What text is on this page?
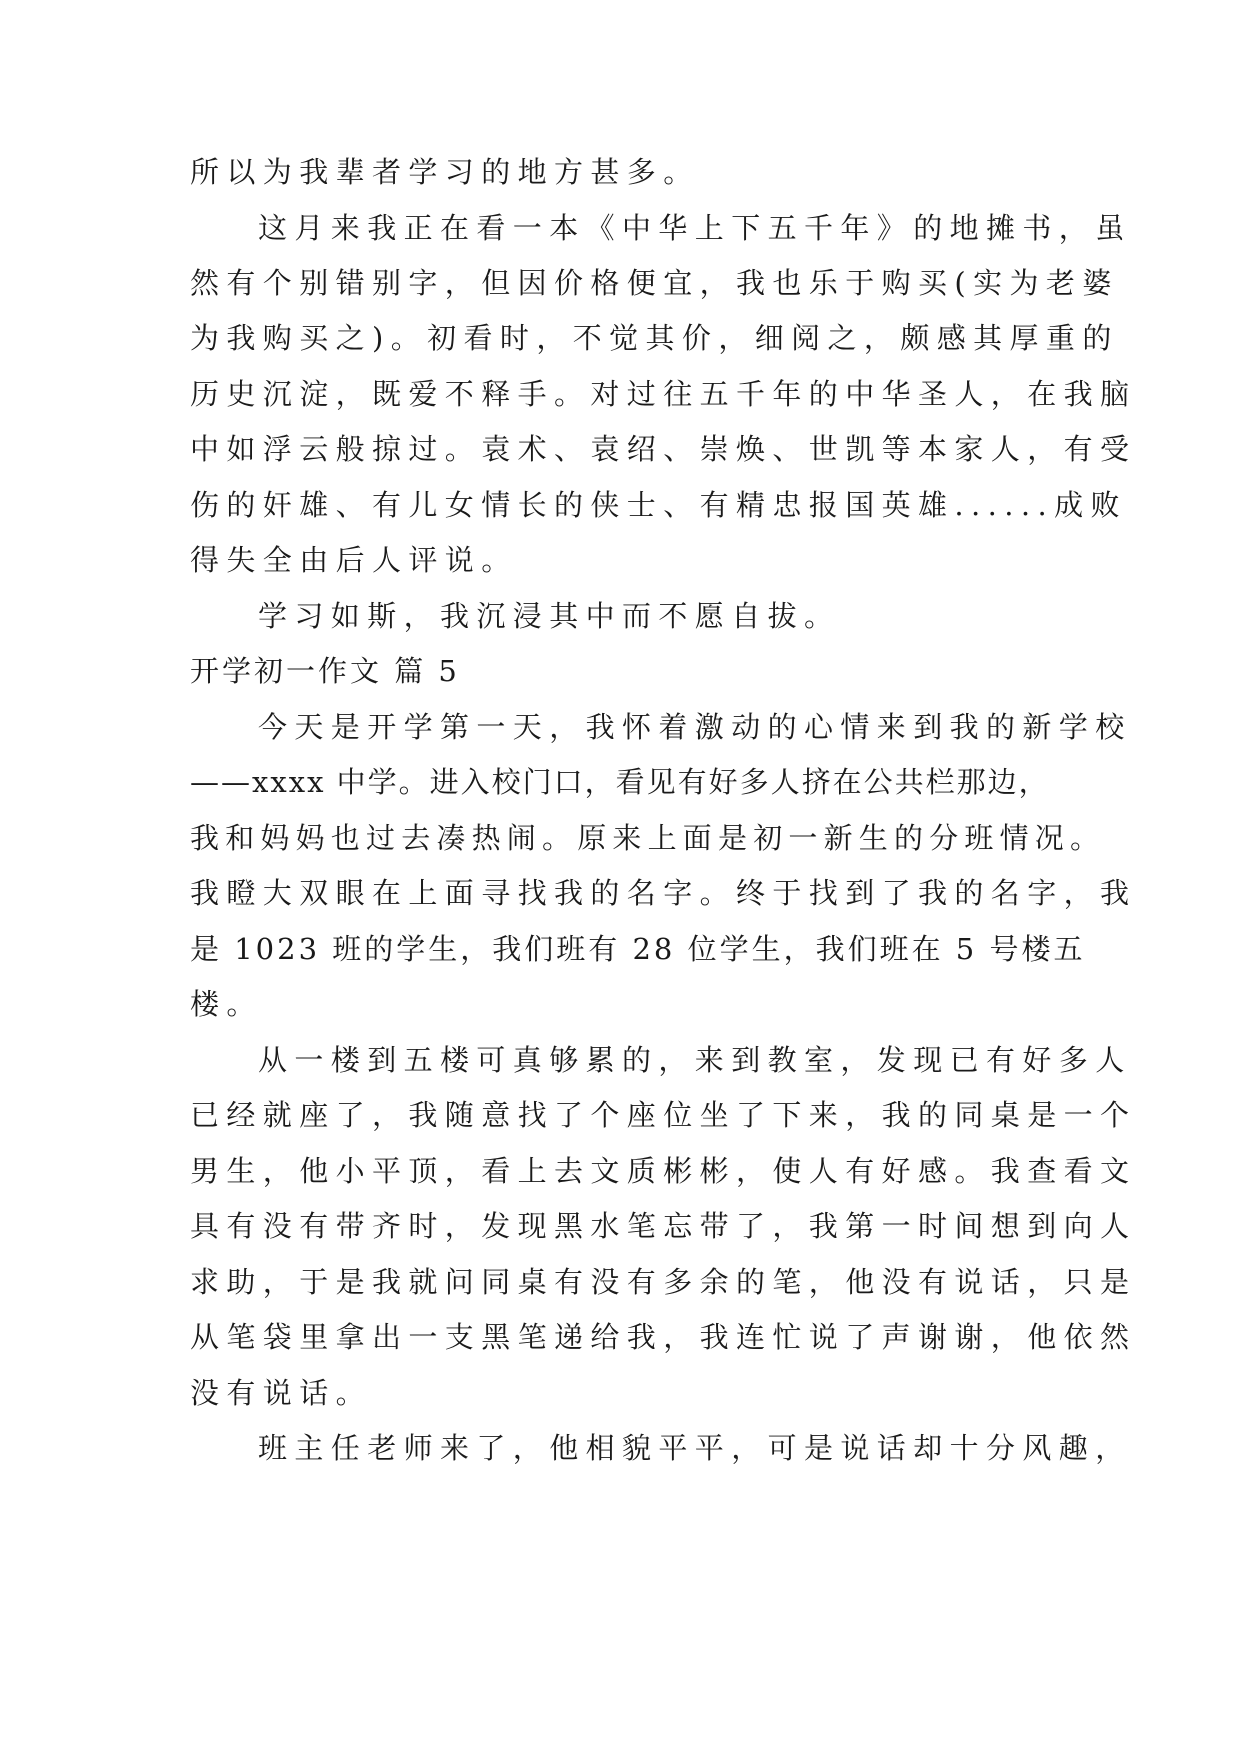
所以为我辈者学习的地方甚多。
这月来我正在看一本《中华上下五千年》的地摊书，虽
然有个别错别字，但因价格便宜，我也乐于购买(实为老婆
为我购买之)。初看时，不觉其价，细阅之，颇感其厚重的
历史沉淀，既爱不释手。对过往五千年的中华圣人，在我脑
中如浮云般掠过。袁术、袁绍、崇焕、世凯等本家人，有受
伤的奸雄、有儿女情长的侠士、有精忠报国英雄......成败
得失全由后人评说。
学习如斯，我沉浸其中而不愿自拔。
开学初一作文 篇 5
今天是开学第一天，我怀着激动的心情来到我的新学校
——xxxx 中学。进入校门口，看见有好多人挤在公共栏那边，
我和妈妈也过去凑热闹。原来上面是初一新生的分班情况。
我瞪大双眼在上面寻找我的名字。终于找到了我的名字，我
是 1023 班的学生，我们班有 28 位学生，我们班在 5 号楼五
楼。
从一楼到五楼可真够累的，来到教室，发现已有好多人
已经就座了，我随意找了个座位坐了下来，我的同桌是一个
男生，他小平顶，看上去文质彬彬，使人有好感。我查看文
具有没有带齐时，发现黑水笔忘带了，我第一时间想到向人
求助，于是我就问同桌有没有多余的笔，他没有说话，只是
从笔袋里拿出一支黑笔递给我，我连忙说了声谢谢，他依然
没有说话。
班主任老师来了，他相貌平平，可是说话却十分风趣，
